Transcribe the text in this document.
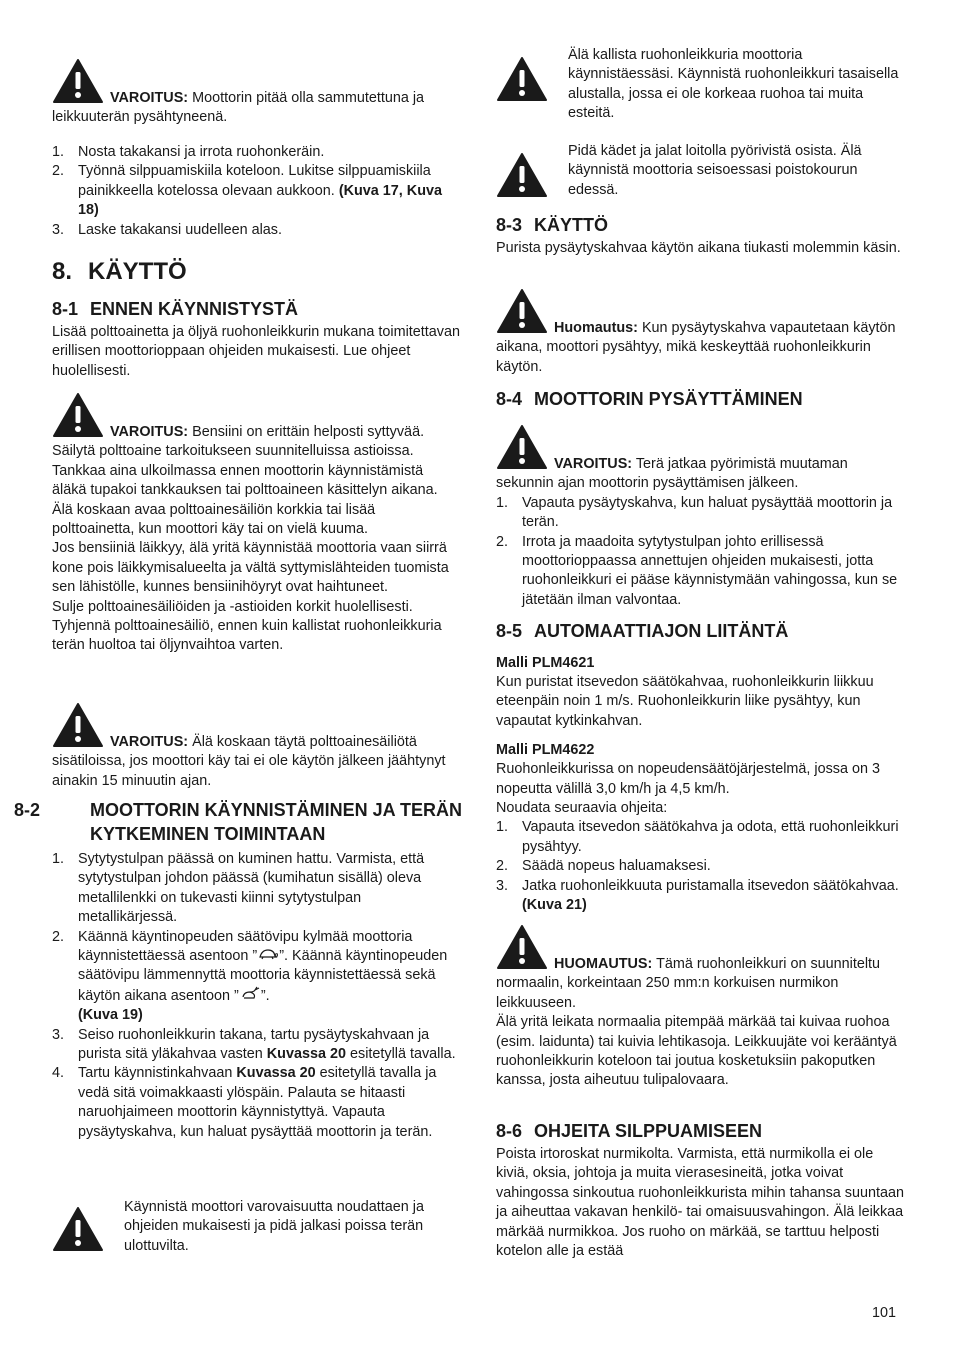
VAROITUS: Moottorin pitää olla sammutettuna ja leikkuuterän pysähtyneenä.
1. Nosta takakansi ja irrota ruohonkeräin.
2. Työnnä silppuamiskiila koteloon. Lukitse silppuamiskiila painikkeella kotelossa olevaan aukkoon. (Kuva 17, Kuva 18)
3. Laske takakansi uudelleen alas.
8. KÄYTTÖ
8-1 ENNEN KÄYNNISTYSTÄ

Lisää polttoainetta ja öljyä ruohonleikkurin mukana toimitettavan erillisen moottorioppaan ohjeiden mukaisesti. Lue ohjeet huolellisesti.

VAROITUS: Bensiini on erittäin helposti syttyvää. Säilytä polttoaine tarkoitukseen suunnitelluissa astioissa. Tankkaa aina ulkoilmassa ennen moottorin käynnistämistä äläkä tupakoi tankkauksen tai polttoaineen käsittelyn aikana.

Älä koskaan avaa polttoainesäiliön korkkia tai lisää polttoainetta, kun moottori käy tai on vielä kuuma.

Jos bensiiniä läikkyy, älä yritä käynnistää moottoria vaan siirrä kone pois läikkymisalueelta ja vältä syttymislähteiden tuomista sen lähistölle, kunnes bensiinihöyryt ovat haihtuneet.

Sulje polttoainesäiliöiden ja -astioiden korkit huolellisesti. Tyhjennä polttoainesäiliö, ennen kuin kallistat ruohonleikkuria terän huoltoa tai öljynvaihtoa varten.

VAROITUS: Älä koskaan täytä polttoainesäiliötä sisätiloissa, jos moottori käy tai ei ole käytön jälkeen jäähtynyt ainakin 15 minuutin ajan.
8-2	MOOTTORIN KÄYNNISTÄMINEN JA TERÄN KYTKEMINEN TOIMINTAAN
1. Sytytystulpan päässä on kuminen hattu. Varmista, että sytytystulpan johdon päässä (kumihatun sisällä) oleva metallilenkki on tukevasti kiinni sytytystulpan metallikärjessä.
2. Käännä käyntinopeuden säätövipu kylmää moottoria käynnistettäessä asentoon ” ”. Käännä käyntinopeuden säätövipu lämmennyttä moottoria käynnistettäessä sekä käytön aikana asentoon ” ”.
(Kuva 19)
3. Seiso ruohonleikkurin takana, tartu pysäytyskahvaan ja purista sitä yläkahvaa vasten Kuvassa 20 esitetyllä tavalla.
4. Tartu käynnistinkahvaan Kuvassa 20 esitetyllä tavalla ja vedä sitä voimakkaasti ylöspäin. Palauta se hitaasti naruohjaimeen moottorin käynnistyttyä. Vapauta pysäytyskahva, kun haluat pysäyttää moottorin ja terän.

Käynnistä moottori varovaisuutta noudattaen ja ohjeiden mukaisesti ja pidä jalkasi poissa terän ulottuvilta.

Älä kallista ruohonleikkuria moottoria käynnistäessäsi. Käynnistä ruohonleikkuri tasaisella alustalla, jossa ei ole korkeaa ruohoa tai muita esteitä.

Pidä kädet ja jalat loitolla pyörivistä osista. Älä käynnistä moottoria seisoessasi poistokourun edessä.

8-3 KÄYTTÖ

Purista pysäytyskahvaa käytön aikana tiukasti molemmin käsin.

Huomautus: Kun pysäytyskahva vapautetaan käytön aikana, moottori pysähtyy, mikä keskeyttää ruohonleikkurin käytön.
8-4 MOOTTORIN PYSÄYTTÄMINEN
VAROITUS: Terä jatkaa pyörimistä muutaman sekunnin ajan moottorin pysäyttämisen jälkeen.
1. Vapauta pysäytyskahva, kun haluat pysäyttää moottorin ja terän.
2. Irrota ja maadoita sytytystulpan johto erillisessä moottorioppaassa annettujen ohjeiden mukaisesti, jotta ruohonleikkuri ei pääse käynnistymään vahingossa, kun se jätetään ilman valvontaa.
8-5 AUTOMAATTIAJON LIITÄNTÄ

Malli PLM4621

Kun puristat itsevedon säätökahvaa, ruohonleikkurin liikkuu eteenpäin noin 1 m/s. Ruohonleikkurin liike pysähtyy, kun vapautat kytkinkahvan.

Malli PLM4622

Ruohonleikkurissa on nopeudensäätöjärjestelmä, jossa on 3 nopeutta välillä 3,0 km/h ja 4,5 km/h.

Noudata seuraavia ohjeita:

1. Vapauta itsevedon säätökahva ja odota, että ruohonleikkuri pysähtyy.
2. Säädä nopeus haluamaksesi.
3. Jatka ruohonleikkuuta puristamalla itsevedon säätökahvaa. (Kuva 21)
HUOMAUTUS: Tämä ruohonleikkuri on suunniteltu normaalin, korkeintaan 250 mm:n korkuisen nurmikon leikkuuseen.

Älä yritä leikata normaalia pitempää märkää tai kuivaa ruohoa (esim. laidunta) tai kuivia lehtikasoja. Leikkuujäte voi kerääntyä ruohonleikkurin koteloon tai joutua kosketuksiin pakoputken kanssa, josta aiheutuu tulipalovaara.

8-6 OHJEITA SILPPUAMISEEN

Poista irtoroskat nurmikolta. Varmista, että nurmikolla ei ole kiviä, oksia, johtoja ja muita vierasesineitä, jotka voivat vahingossa sinkoutua ruohonleikkurista mihin tahansa suuntaan ja aiheuttaa vakavan henkilö- tai omaisuusvahingon. Älä leikkaa märkää nurmikkoa. Jos ruoho on märkää, se tarttuu helposti kotelon alle ja estää

101
